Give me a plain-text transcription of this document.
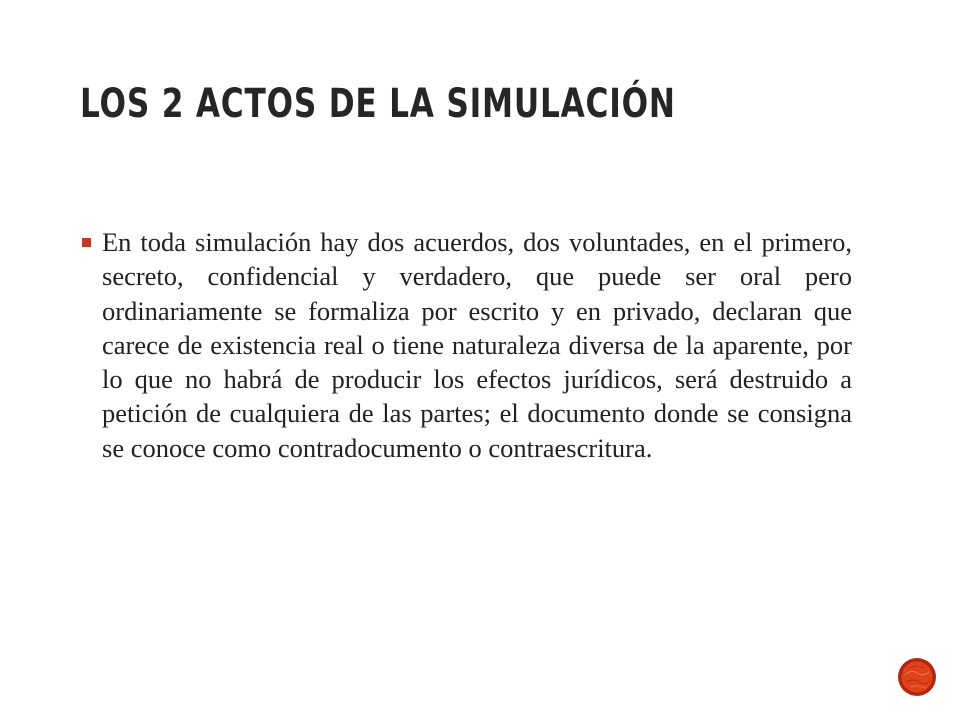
LOS 2 ACTOS DE LA SIMULACIÓN

En toda simulación hay dos acuerdos, dos voluntades, en el primero, secreto, confidencial y verdadero, que puede ser oral pero ordinariamente se formaliza por escrito y en privado, declaran que carece de existencia real o tiene naturaleza diversa de la aparente, por lo que no habrá de producir los efectos jurídicos, será destruido a petición de cualquiera de las partes; el documento donde se consigna se conoce como contradocumento o contraescritura.
